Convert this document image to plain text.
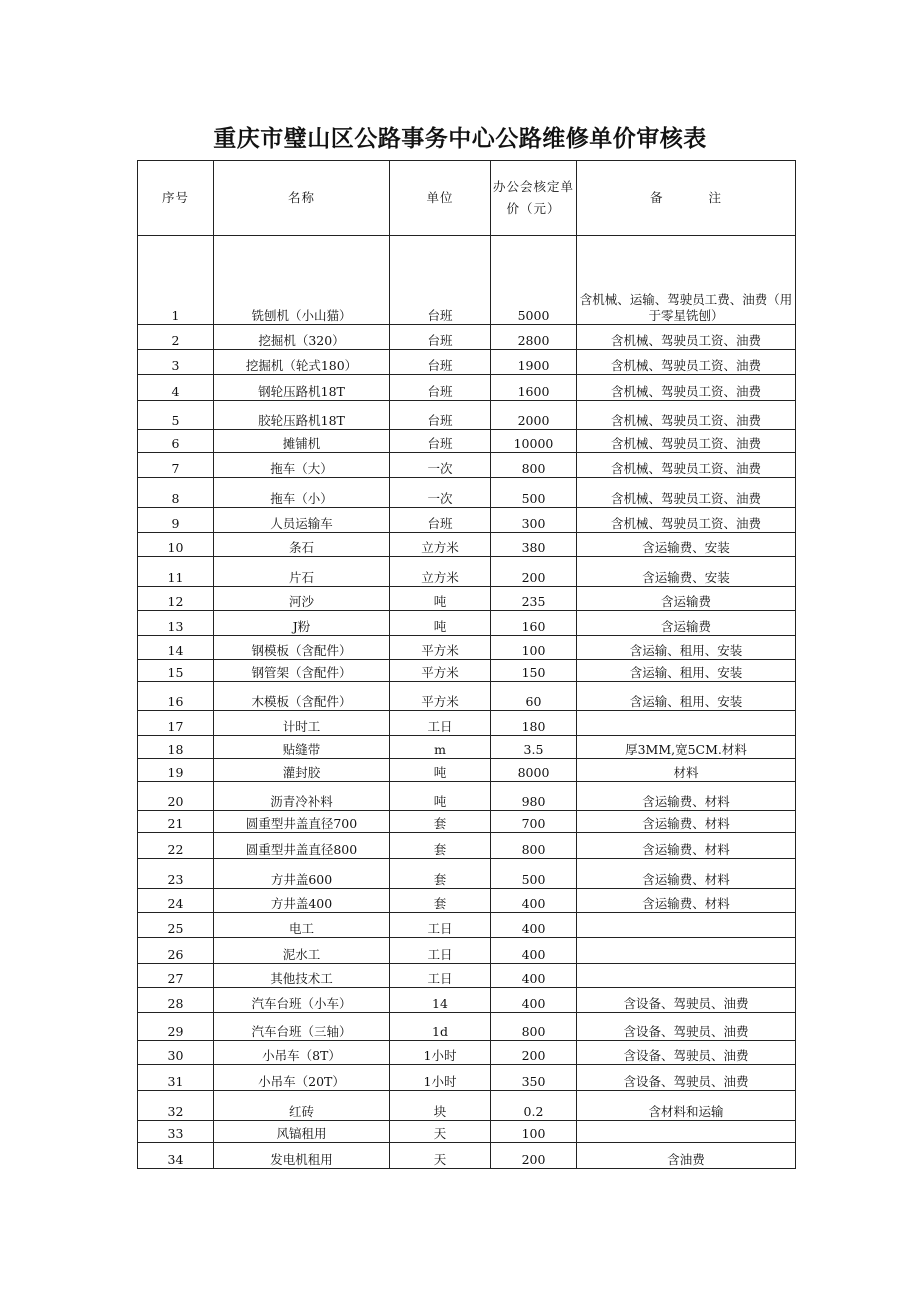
重庆市璧山区公路事务中心公路维修单价审核表
序号	名称	单位	办公会核定单价（元）	备 注
1	铣刨机（小山猫）	台班	5000	含机械、运输、驾驶员工费、油费（用于零星铣刨）
2	挖掘机（320）	台班	2800	含机械、驾驶员工资、油费
3	挖掘机（轮式180）	台班	1900	含机械、驾驶员工资、油费
4	钢轮压路机18T	台班	1600	含机械、驾驶员工资、油费
5	胶轮压路机18T	台班	2000	含机械、驾驶员工资、油费
6	摊铺机	台班	10000	含机械、驾驶员工资、油费
7	拖车（大）	一次	800	含机械、驾驶员工资、油费
8	拖车（小）	一次	500	含机械、驾驶员工资、油费
9	人员运输车	台班	300	含机械、驾驶员工资、油费
10	条石	立方米	380	含运输费、安装
11	片石	立方米	200	含运输费、安装
12	河沙	吨	235	含运输费
13	J粉	吨	160	含运输费
14	钢模板（含配件）	平方米	100	含运输、租用、安装
15	钢管架（含配件）	平方米	150	含运输、租用、安装
16	木模板（含配件）	平方米	60	含运输、租用、安装
17	计时工	工日	180	
18	贴缝带	m	3.5	厚3MM,宽5CM.材料
19	灌封胶	吨	8000	材料
20	沥青冷补料	吨	980	含运输费、材料
21	圆重型井盖直径700	套	700	含运输费、材料
22	圆重型井盖直径800	套	800	含运输费、材料
23	方井盖600	套	500	含运输费、材料
24	方井盖400	套	400	含运输费、材料
25	电工	工日	400	
26	泥水工	工日	400	
27	其他技术工	工日	400	
28	汽车台班（小车）	14	400	含设备、驾驶员、油费
29	汽车台班（三轴）	1d	800	含设备、驾驶员、油费
30	小吊车（8T）	1小时	200	含设备、驾驶员、油费
31	小吊车（20T）	1小时	350	含设备、驾驶员、油费
32	红砖	块	0.2	含材料和运输
33	风镐租用	天	100	
34	发电机租用	天	200	含油费
